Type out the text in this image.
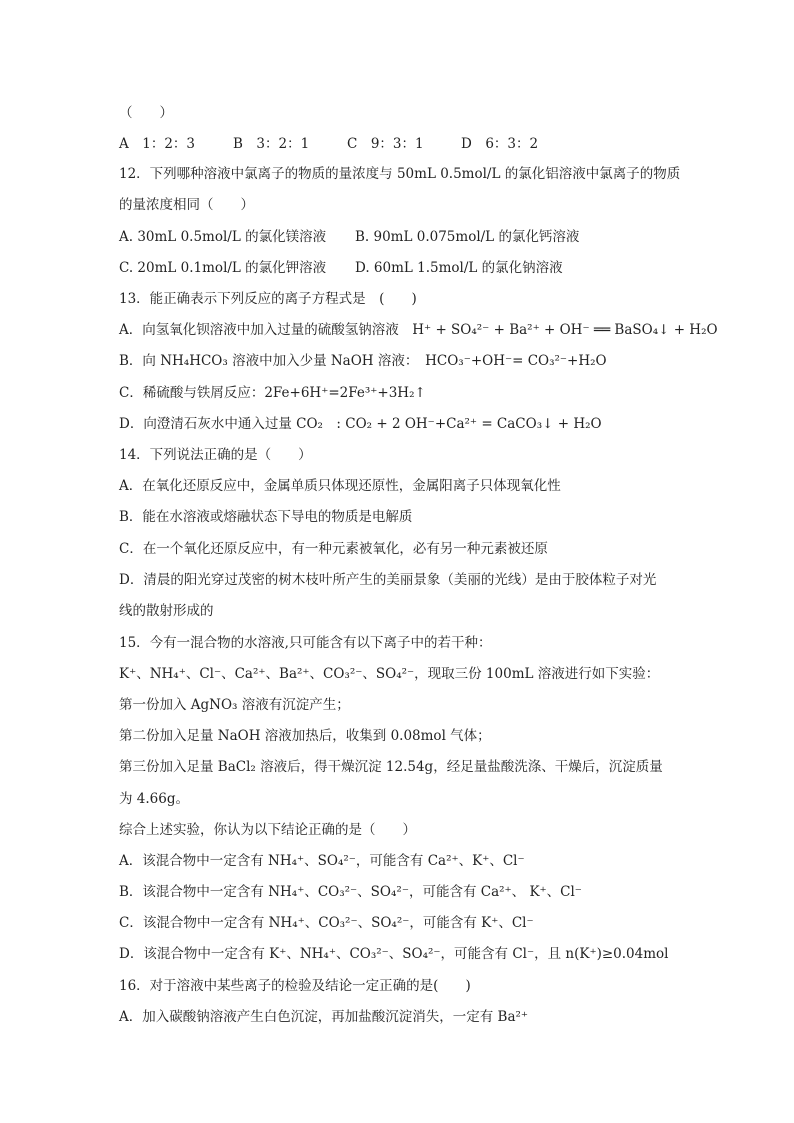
（　　）
A　1：2：3	B　3：2：1	C　9：3：1	D　6：3：2
12．下列哪种溶液中氯离子的物质的量浓度与 50mL 0.5mol/L 的氯化铝溶液中氯离子的物质
的量浓度相同（　　）
A. 30mL 0.5mol/L 的氯化镁溶液 B. 90mL 0.075mol/L 的氯化钙溶液
C. 20mL 0.1mol/L 的氯化钾溶液 D. 60mL 1.5mol/L 的氯化钠溶液
13．能正确表示下列反应的离子方程式是　(　　)
A．向氢氧化钡溶液中加入过量的硫酸氢钠溶液　H⁺ + SO₄²⁻ + Ba²⁺ + OH⁻ ══ BaSO₄↓ + H₂O
B．向 NH₄HCO₃ 溶液中加入少量 NaOH 溶液：　HCO₃⁻+OH⁻= CO₃²⁻+H₂O
C．稀硫酸与铁屑反应：2Fe+6H⁺=2Fe³⁺+3H₂↑
D．向澄清石灰水中通入过量 CO₂　: CO₂ + 2 OH⁻+Ca²⁺ = CaCO₃↓ + H₂O
14．下列说法正确的是（　　）
A．在氧化还原反应中，金属单质只体现还原性，金属阳离子只体现氧化性
B．能在水溶液或熔融状态下导电的物质是电解质
C．在一个氧化还原反应中，有一种元素被氧化，必有另一种元素被还原
D．清晨的阳光穿过茂密的树木枝叶所产生的美丽景象（美丽的光线）是由于胶体粒子对光
线的散射形成的
15．今有一混合物的水溶液,只可能含有以下离子中的若干种：
K⁺、NH₄⁺、Cl⁻、Ca²⁺、Ba²⁺、CO₃²⁻、SO₄²⁻，现取三份 100mL 溶液进行如下实验：
第一份加入 AgNO₃ 溶液有沉淀产生；
第二份加入足量 NaOH 溶液加热后，收集到 0.08mol 气体；
第三份加入足量 BaCl₂ 溶液后，得干燥沉淀 12.54g，经足量盐酸洗涤、干燥后，沉淀质量
为 4.66g。
综合上述实验，你认为以下结论正确的是（　　）
A．该混合物中一定含有 NH₄⁺、SO₄²⁻，可能含有 Ca²⁺、K⁺、Cl⁻
B．该混合物中一定含有 NH₄⁺、CO₃²⁻、SO₄²⁻，可能含有 Ca²⁺、 K⁺、Cl⁻
C．该混合物中一定含有 NH₄⁺、CO₃²⁻、SO₄²⁻，可能含有 K⁺、Cl⁻
D．该混合物中一定含有 K⁺、NH₄⁺、CO₃²⁻、SO₄²⁻，可能含有 Cl⁻，且 n(K⁺)≥0.04mol
16．对于溶液中某些离子的检验及结论一定正确的是(　　)
A．加入碳酸钠溶液产生白色沉淀，再加盐酸沉淀消失，一定有 Ba²⁺
